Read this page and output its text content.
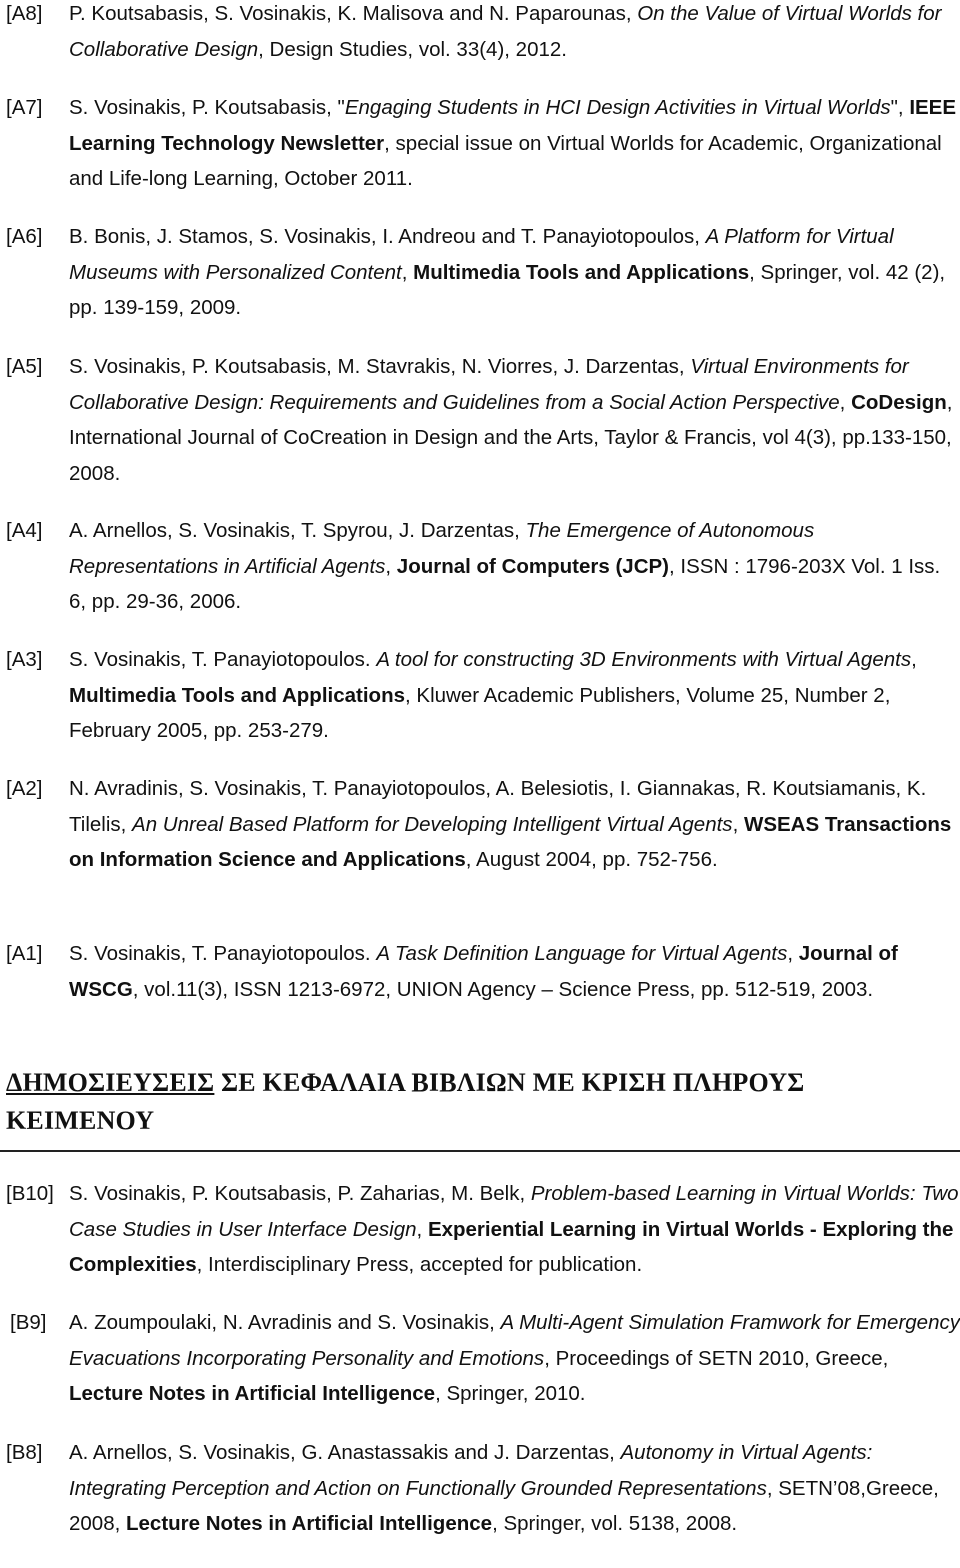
[A8] P. Koutsabasis, S. Vosinakis, K. Malisova and N. Paparounas, On the Value of Virtual Worlds for Collaborative Design, Design Studies, vol. 33(4), 2012.
[A7] S. Vosinakis, P. Koutsabasis, "Engaging Students in HCI Design Activities in Virtual Worlds", IEEE Learning Technology Newsletter, special issue on Virtual Worlds for Academic, Organizational and Life-long Learning, October 2011.
[A6] B. Bonis, J. Stamos, S. Vosinakis, I. Andreou and T. Panayiotopoulos, A Platform for Virtual Museums with Personalized Content, Multimedia Tools and Applications, Springer, vol. 42 (2), pp. 139-159, 2009.
[A5] S. Vosinakis, P. Koutsabasis, M. Stavrakis, N. Viorres, J. Darzentas, Virtual Environments for Collaborative Design: Requirements and Guidelines from a Social Action Perspective, CoDesign, International Journal of CoCreation in Design and the Arts, Taylor & Francis, vol 4(3), pp.133-150, 2008.
[A4] A. Arnellos, S. Vosinakis, T. Spyrou, J. Darzentas, The Emergence of Autonomous Representations in Artificial Agents, Journal of Computers (JCP), ISSN : 1796-203X Vol. 1 Iss. 6, pp. 29-36, 2006.
[A3] S. Vosinakis, T. Panayiotopoulos. A tool for constructing 3D Environments with Virtual Agents, Multimedia Tools and Applications, Kluwer Academic Publishers, Volume 25, Number 2, February 2005, pp. 253-279.
[A2] N. Avradinis, S. Vosinakis, T. Panayiotopoulos, A. Belesiotis, I. Giannakas, R. Koutsiamanis, K. Tilelis, An Unreal Based Platform for Developing Intelligent Virtual Agents, WSEAS Transactions on Information Science and Applications, August 2004, pp. 752-756.
[A1] S. Vosinakis, T. Panayiotopoulos. A Task Definition Language for Virtual Agents, Journal of WSCG, vol.11(3), ISSN 1213-6972, UNION Agency – Science Press, pp. 512-519, 2003.
ΔΗΜΟΣΙΕΥΣΕΙΣ ΣΕ ΚΕΦΑΛΑΙΑ ΒΙΒΛΙΩΝ ΜΕ ΚΡΙΣΗ ΠΛΗΡΟΥΣ ΚΕΙΜΕΝΟΥ
[B10] S. Vosinakis, P. Koutsabasis, P. Zaharias, M. Belk, Problem-based Learning in Virtual Worlds: Two Case Studies in User Interface Design, Experiential Learning in Virtual Worlds - Exploring the Complexities, Interdisciplinary Press, accepted for publication.
[B9] A. Zoumpoulaki, N. Avradinis and S. Vosinakis, A Multi-Agent Simulation Framwork for Emergency Evacuations Incorporating Personality and Emotions, Proceedings of SETN 2010, Greece, Lecture Notes in Artificial Intelligence, Springer, 2010.
[B8] A. Arnellos, S. Vosinakis, G. Anastassakis and J. Darzentas, Autonomy in Virtual Agents: Integrating Perception and Action on Functionally Grounded Representations, SETN’08,Greece, 2008, Lecture Notes in Artificial Intelligence, Springer, vol. 5138, 2008.
